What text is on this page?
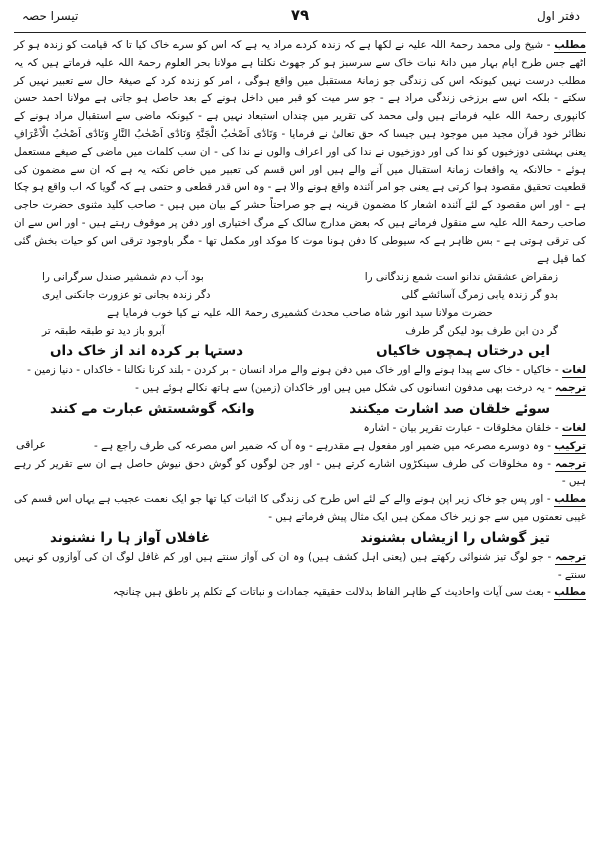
دفتر اول
۷۹
تیسرا حصہ

مطلب - شیخ ولی محمد رحمۃ اللہ علیہ نے لکھا ہے کہ زندہ کردے مراد یہ ہے کہ اس کو سرے خاک کیا تا کہ قیامت کو زندہ ہو کر اٹھے جس طرح ایام بہار میں دانۂ نبات خاک سے سرسبز ہو کر جھوٹ نکلتا ہے مولانا بحر العلوم رحمۃ اللہ علیہ فرماتے ہیں کہ یہ مطلب درست نہیں کیونکہ اس کی زندگی جو زمانۂ مستقبل میں واقع ہوگی ، امر کو زندہ کرد کے صیغۂ حال سے تعبیر نہیں کر سکتے - بلکہ اس سے برزخی زندگی مراد ہے - جو سر میت کو قبر میں داخل ہونے کے بعد حاصل ہو جاتی ہے مولانا احمد حسن کانپوری رحمۃ اللہ علیہ فرماتے ہیں ولی محمد کی تقریر میں چنداں استبعاد نہیں ہے - کیونکہ ماضی سے استقبال مراد ہونے کے نظائر خود قرآن مجید میں موجود ہیں جیسا کہ حق تعالیٰ نے فرمایا - وَنَادٰٓی اَصْحٰبُ الْجَنَّۃِ وَنَادٰٓی اَصْحٰبُ النَّارِ وَنَادٰٓی اَصْحٰبُ الْاَعْرَافِ یعنی بہشتی دوزخیوں کو ندا کی اور دوزخیوں نے ندا کی اور اعراف والوں نے ندا کی - ان سب کلمات میں ماضی کے صیغے مستعمل ہوئے - حالانکہ یہ واقعات زمانۂ استقبال میں آنے والے ہیں اور اس قسم کی تعبیر میں خاص نکتہ یہ ہے کہ ان سے مضمون کی قطعیت تحقیق مقصود ہوا کرتی ہے یعنی جو امر آئندہ واقع ہونے والا ہے - وہ اس قدر قطعی و حتمی ہے کہ گویا کہ اب واقع ہو چکا ہے - اور اس مقصود کے لئے آئندہ اشعار کا مضمون قرینہ ہے جو صراحتاً حشر کے بیان میں ہیں - صاحب کلید مثنوی حضرت حاجی صاحب رحمۃ اللہ علیہ سے منقول فرماتے ہیں کہ بعض مدارج سالک کے مرگ اختیاری اور دفن پر موقوف رہتے ہیں - اور اس سے ان کی ترقی ہوتی ہے - بس ظاہر ہے کہ سیوطی کا دفن ہونا موت کا موکد اور مکمل تھا - مگر باوجود ترقی اس کو حیات بخش گئی کما قیل ہے

زمقراض عشقش ندانو است شمع زندگانی را
بود آب دم شمشیر صندل سرگرانی را
بدو گر زندہ یابی زمرگ آسائشے گلی
دگر زندہ بجانی تو عزورت جانکنی ایری

حضرت مولانا سید انور شاہ صاحب محدث کشمیری رحمۃ اللہ علیہ نے کیا خوب فرمایا ہے

گر دن ابن طرف بود لیکن گر طرف
آبرو باز دید تو طبقہ طبقہ تر
ایں درختاں ہمچوں خاکیاں
دستہا بر کردہ اند از خاک داں

لغات - خاکیاں - خاک سے پیدا ہونے والے اور خاک میں دفن ہونے والے مراد انسان - بر کردن - بلند کرنا نکالنا - خاکداں - دنیا زمین -

ترجمہ - یہ درخت بھی مدفون انسانوں کی شکل میں ہیں اور خاکدان (زمین) سے ہاتھ نکالے ہوئے ہیں -

سوئے خلقان صد اشارت میکنند
وانکہ گوشستش عبارت مے کنند

لغات - خلقان مخلوقات - عبارت تقریر بیان - اشارہ

ترکیب - وہ دوسرے مصرعہ میں ضمیر اور مفعول ہے مقدرہے - وہ آں کہ ضمیر اس مصرعہ کی طرف راجع ہے -

ترجمہ - وہ مخلوقات کی طرف سینکڑوں اشارے کرتے ہیں - اور جن لوگوں کو گوش دحق نیوش حاصل ہے ان سے تقریر کر رہے ہیں -

مطلب - اور پس جو خاک زیر اپن ہونے والے کے لئے اس طرح کی زندگی کا اثبات کیا تھا جو ایک نعمت عجیب ہے یہاں اس قسم کی غیبی نعمتوں میں سے جو زیر خاک ممکن ہیں ایک مثال پیش فرماتے ہیں -

تیز گوشاں را ازیشاں بشنوند
غافلاں آواز ہا را نشنوند

ترجمہ - جو لوگ تیز شنوائی رکھتے ہیں (یعنی اہل کشف ہیں) وہ ان کی آواز سنتے ہیں اور کم غافل لوگ ان کی آوازوں کو نہیں سنتے -

مطلب - بعث سی آیات واحادیث کے ظاہر الفاظ بدلالت حقیقیہ جمادات و نباتات کے تکلم پر ناطق ہیں چنانچہ

عراقی
